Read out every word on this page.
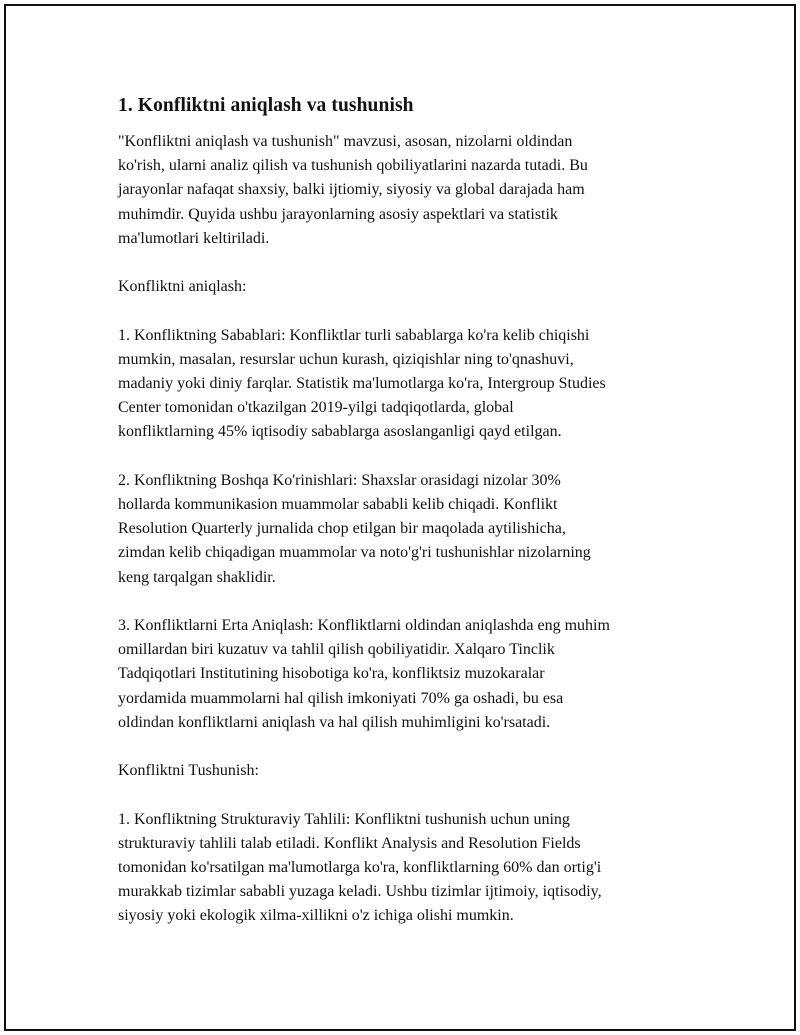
1. Konfliktni aniqlash va tushunish

"Konfliktni aniqlash va tushunish" mavzusi, asosan, nizolarni oldindan
ko'rish, ularni analiz qilish va tushunish qobiliyatlarini nazarda tutadi. Bu
jarayonlar nafaqat shaxsiy, balki ijtiomiy, siyosiy va global darajada ham
muhimdir. Quyida ushbu jarayonlarning asosiy aspektlari va statistik
ma'lumotlari keltiriladi.

Konfliktni aniqlash:

1. Konfliktning Sabablari: Konfliktlar turli sabablarga ko'ra kelib chiqishi
mumkin, masalan, resurslar uchun kurash, qiziqishlar ning to'qnashuvi,
madaniy yoki diniy farqlar. Statistik ma'lumotlarga ko'ra, Intergroup Studies
Center tomonidan o'tkazilgan 2019-yilgi tadqiqotlarda, global
konfliktlarning 45% iqtisodiy sabablarga asoslanganligi qayd etilgan.

2. Konfliktning Boshqa Ko'rinishlari: Shaxslar orasidagi nizolar 30%
hollarda kommunikasion muammolar sababli kelib chiqadi. Konflikt
Resolution Quarterly jurnalida chop etilgan bir maqolada aytilishicha,
zimdan kelib chiqadigan muammolar va noto'g'ri tushunishlar nizolarning
keng tarqalgan shaklidir.

3. Konfliktlarni Erta Aniqlash: Konfliktlarni oldindan aniqlashda eng muhim
omillardan biri kuzatuv va tahlil qilish qobiliyatidir. Xalqaro Tinclik
Tadqiqotlari Institutining hisobotiga ko'ra, konfliktsiz muzokaralar
yordamida muammolarni hal qilish imkoniyati 70% ga oshadi, bu esa
oldindan konfliktlarni aniqlash va hal qilish muhimligini ko'rsatadi.

Konfliktni Tushunish:

1. Konfliktning Strukturaviy Tahlili: Konfliktni tushunish uchun uning
strukturaviy tahlili talab etiladi. Konflikt Analysis and Resolution Fields
tomonidan ko'rsatilgan ma'lumotlarga ko'ra, konfliktlarning 60% dan ortig'i
murakkab tizimlar sababli yuzaga keladi. Ushbu tizimlar ijtimoiy, iqtisodiy,
siyosiy yoki ekologik xilma-xillikni o'z ichiga olishi mumkin.
